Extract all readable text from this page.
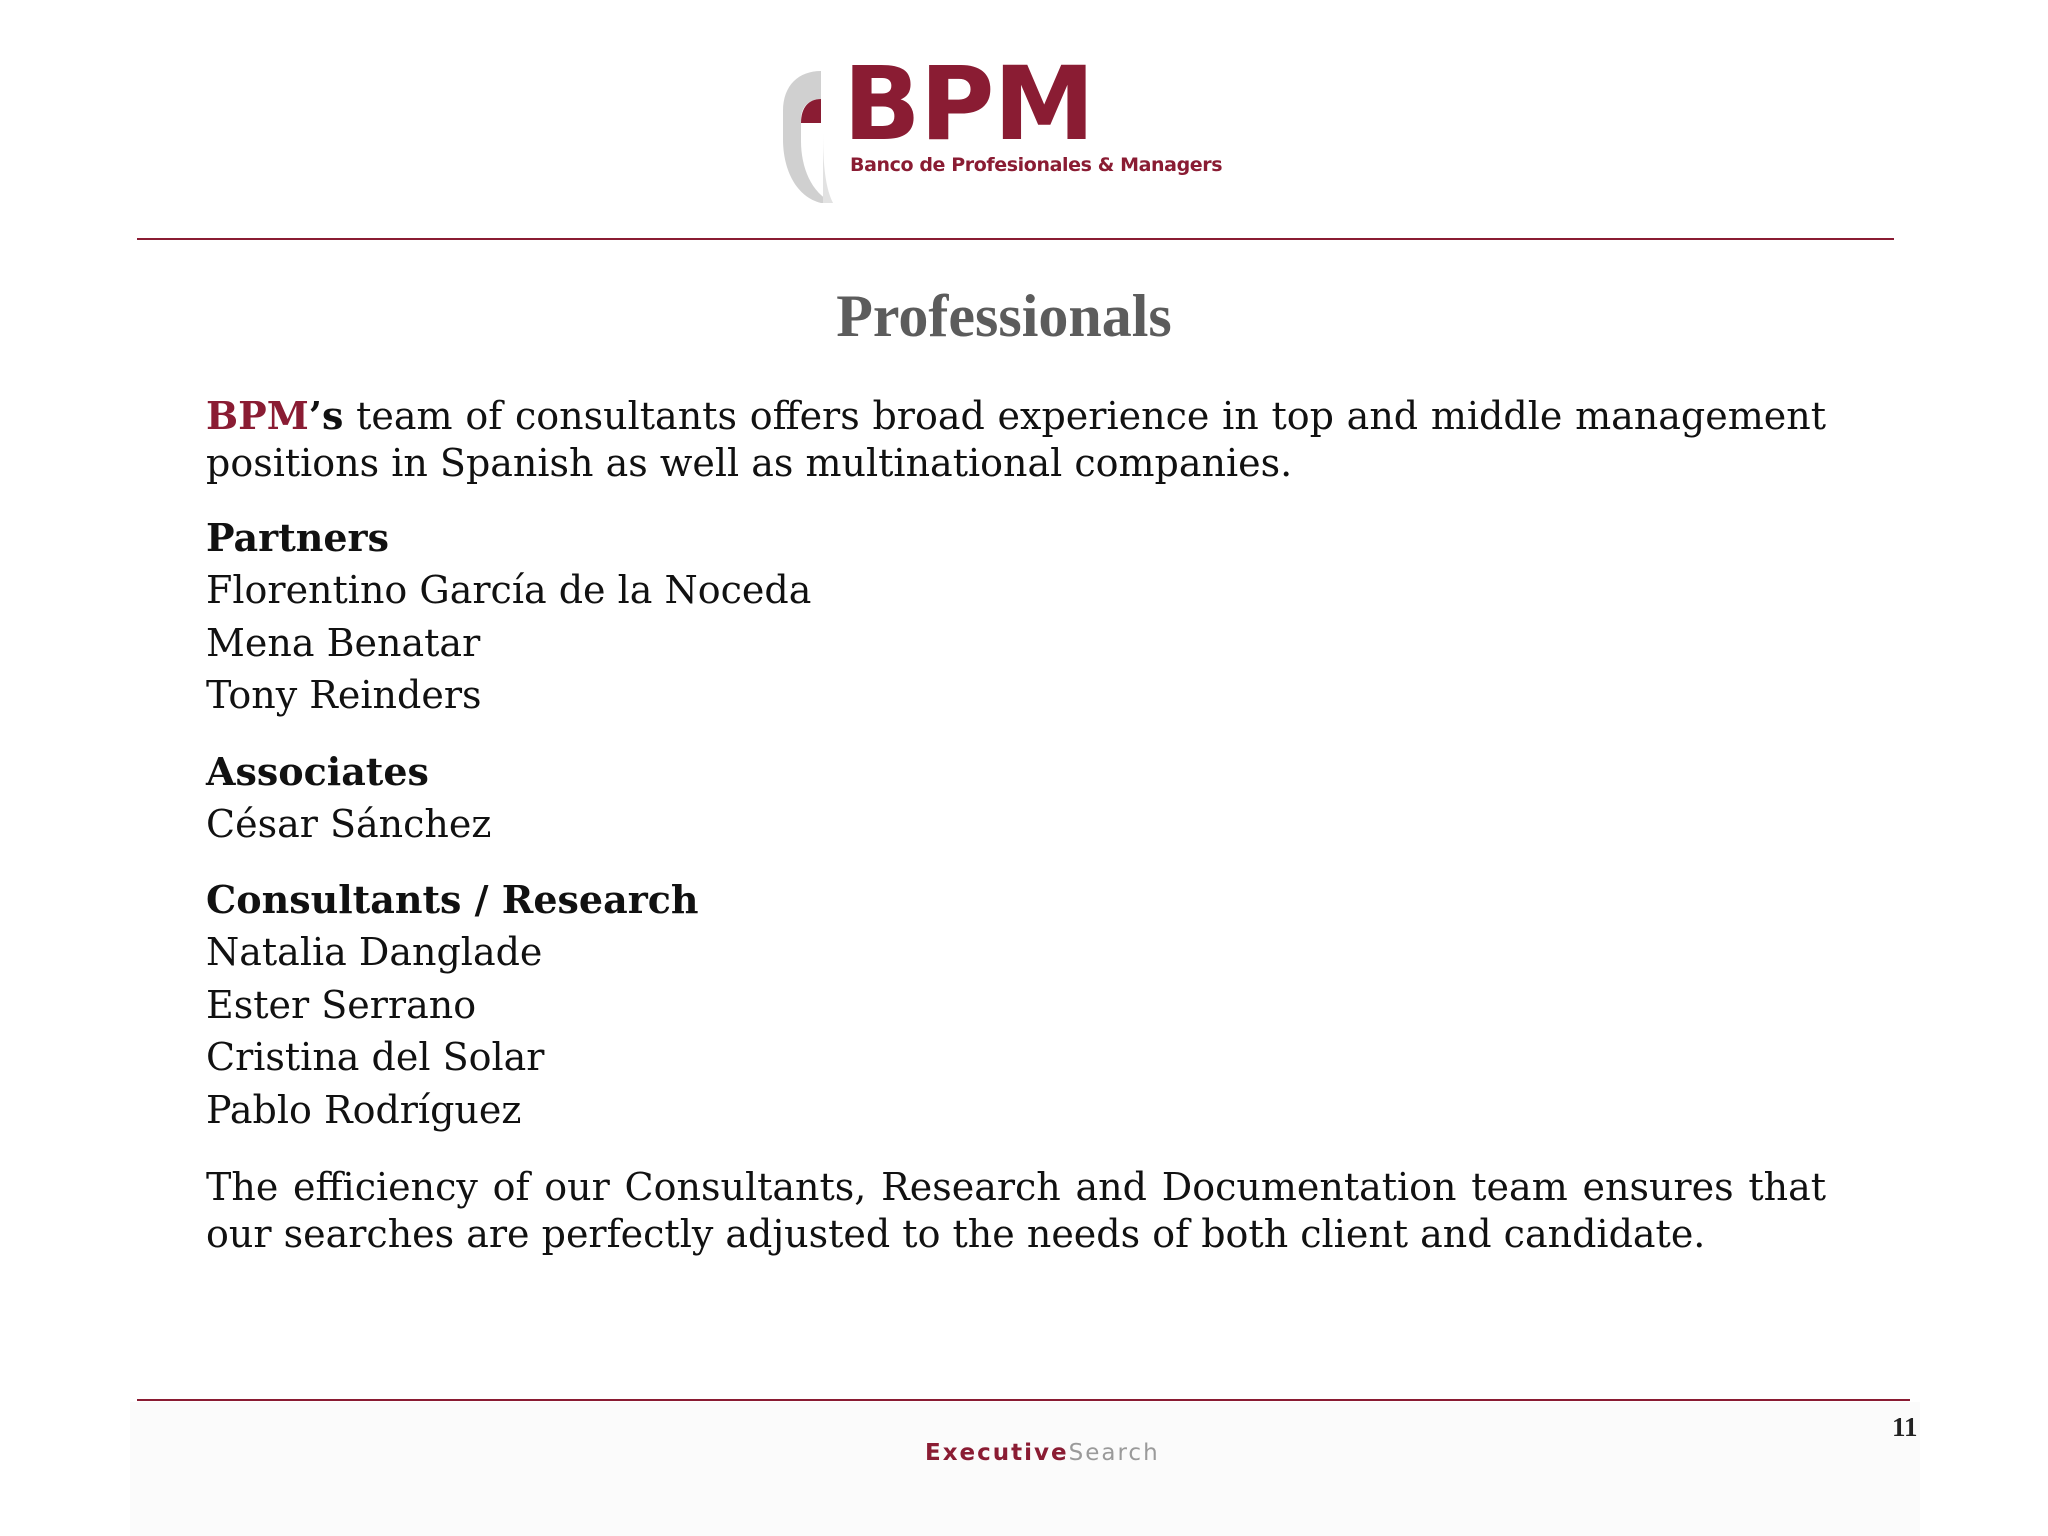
BPM
Banco de Profesionales & Managers
Professionals

BPM’s team of consultants offers broad experience in top and middle management positions in Spanish as well as multinational companies.

Partners
Florentino García de la Noceda
Mena Benatar
Tony Reinders
Associates
César Sánchez
Consultants / Research
Natalia Danglade
Ester Serrano
Cristina del Solar
Pablo Rodríguez

The efficiency of our Consultants, Research and Documentation team ensures that our searches are perfectly adjusted to the needs of both client and candidate.

ExecutiveSearch
11
